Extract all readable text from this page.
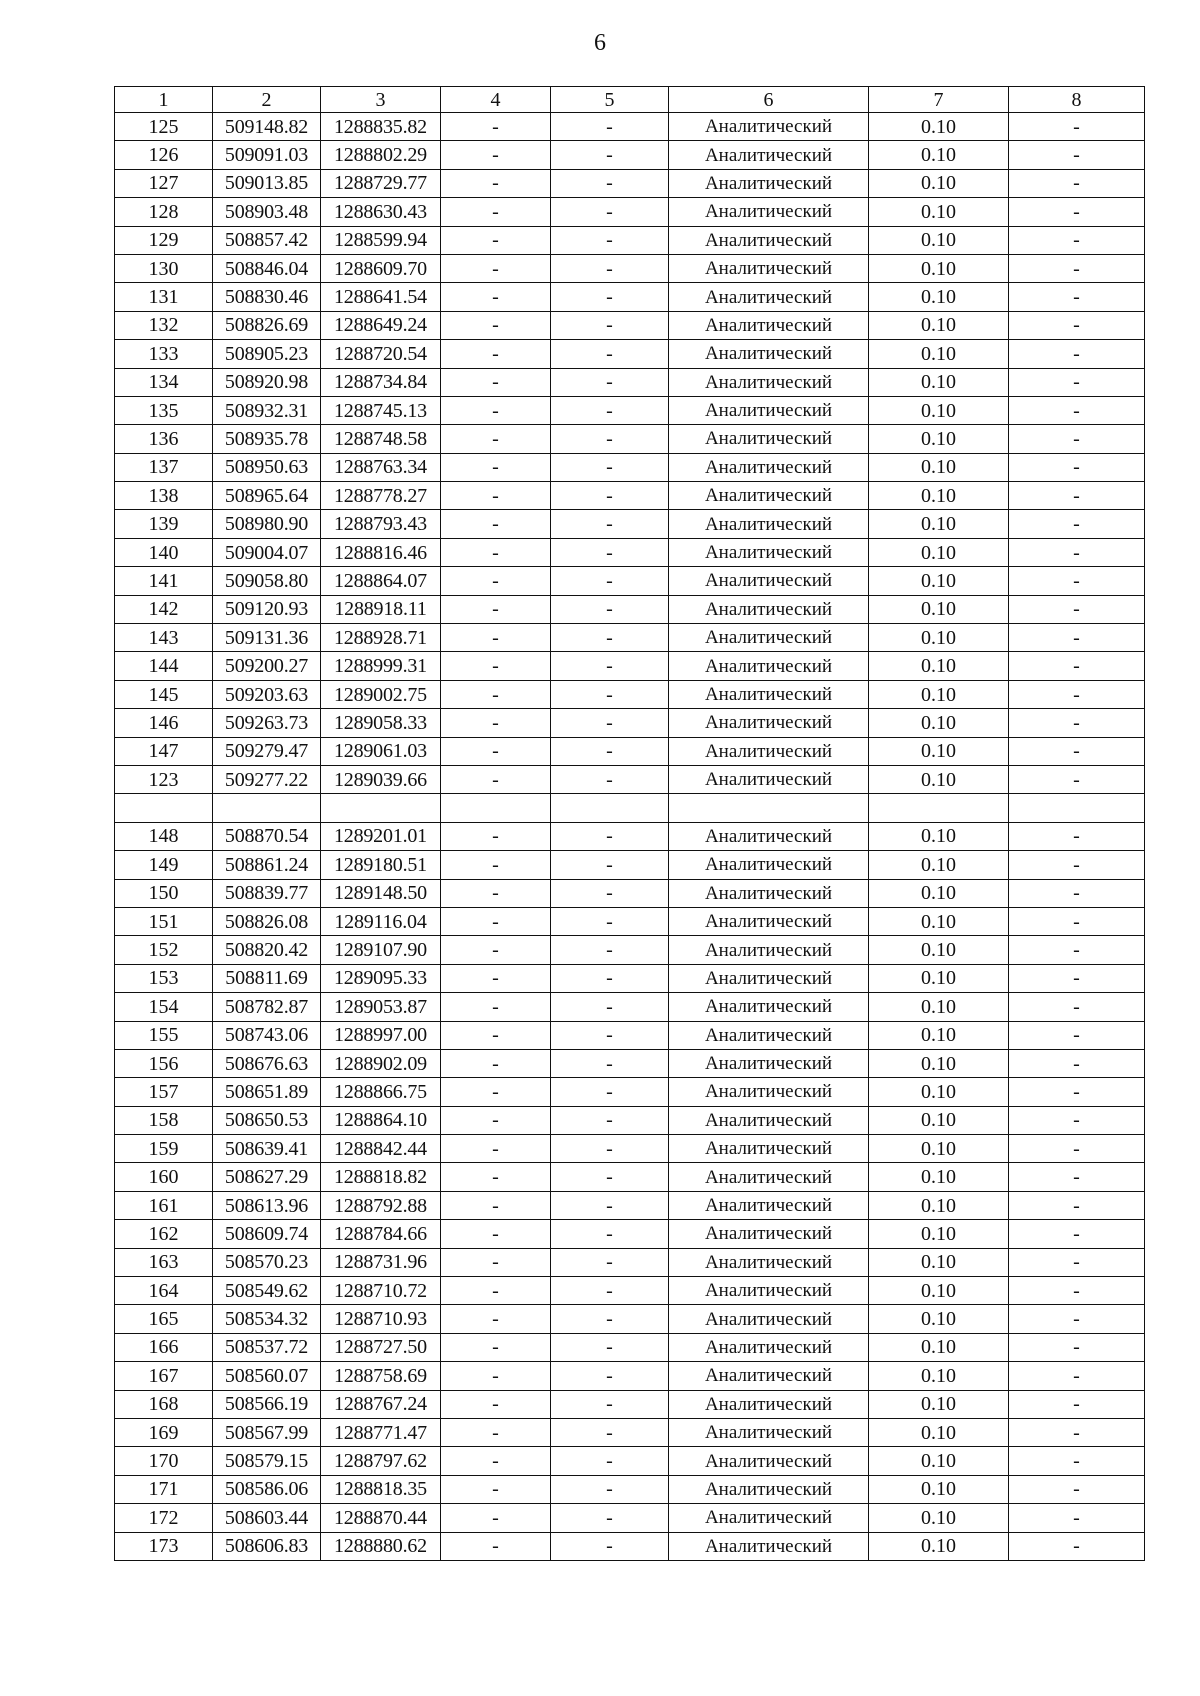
6
1	2	3	4	5	6	7	8
125	509148.82	1288835.82	-	-	Аналитический	0.10	-
126	509091.03	1288802.29	-	-	Аналитический	0.10	-
127	509013.85	1288729.77	-	-	Аналитический	0.10	-
128	508903.48	1288630.43	-	-	Аналитический	0.10	-
129	508857.42	1288599.94	-	-	Аналитический	0.10	-
130	508846.04	1288609.70	-	-	Аналитический	0.10	-
131	508830.46	1288641.54	-	-	Аналитический	0.10	-
132	508826.69	1288649.24	-	-	Аналитический	0.10	-
133	508905.23	1288720.54	-	-	Аналитический	0.10	-
134	508920.98	1288734.84	-	-	Аналитический	0.10	-
135	508932.31	1288745.13	-	-	Аналитический	0.10	-
136	508935.78	1288748.58	-	-	Аналитический	0.10	-
137	508950.63	1288763.34	-	-	Аналитический	0.10	-
138	508965.64	1288778.27	-	-	Аналитический	0.10	-
139	508980.90	1288793.43	-	-	Аналитический	0.10	-
140	509004.07	1288816.46	-	-	Аналитический	0.10	-
141	509058.80	1288864.07	-	-	Аналитический	0.10	-
142	509120.93	1288918.11	-	-	Аналитический	0.10	-
143	509131.36	1288928.71	-	-	Аналитический	0.10	-
144	509200.27	1288999.31	-	-	Аналитический	0.10	-
145	509203.63	1289002.75	-	-	Аналитический	0.10	-
146	509263.73	1289058.33	-	-	Аналитический	0.10	-
147	509279.47	1289061.03	-	-	Аналитический	0.10	-
123	509277.22	1289039.66	-	-	Аналитический	0.10	-

148	508870.54	1289201.01	-	-	Аналитический	0.10	-
149	508861.24	1289180.51	-	-	Аналитический	0.10	-
150	508839.77	1289148.50	-	-	Аналитический	0.10	-
151	508826.08	1289116.04	-	-	Аналитический	0.10	-
152	508820.42	1289107.90	-	-	Аналитический	0.10	-
153	508811.69	1289095.33	-	-	Аналитический	0.10	-
154	508782.87	1289053.87	-	-	Аналитический	0.10	-
155	508743.06	1288997.00	-	-	Аналитический	0.10	-
156	508676.63	1288902.09	-	-	Аналитический	0.10	-
157	508651.89	1288866.75	-	-	Аналитический	0.10	-
158	508650.53	1288864.10	-	-	Аналитический	0.10	-
159	508639.41	1288842.44	-	-	Аналитический	0.10	-
160	508627.29	1288818.82	-	-	Аналитический	0.10	-
161	508613.96	1288792.88	-	-	Аналитический	0.10	-
162	508609.74	1288784.66	-	-	Аналитический	0.10	-
163	508570.23	1288731.96	-	-	Аналитический	0.10	-
164	508549.62	1288710.72	-	-	Аналитический	0.10	-
165	508534.32	1288710.93	-	-	Аналитический	0.10	-
166	508537.72	1288727.50	-	-	Аналитический	0.10	-
167	508560.07	1288758.69	-	-	Аналитический	0.10	-
168	508566.19	1288767.24	-	-	Аналитический	0.10	-
169	508567.99	1288771.47	-	-	Аналитический	0.10	-
170	508579.15	1288797.62	-	-	Аналитический	0.10	-
171	508586.06	1288818.35	-	-	Аналитический	0.10	-
172	508603.44	1288870.44	-	-	Аналитический	0.10	-
173	508606.83	1288880.62	-	-	Аналитический	0.10	-
